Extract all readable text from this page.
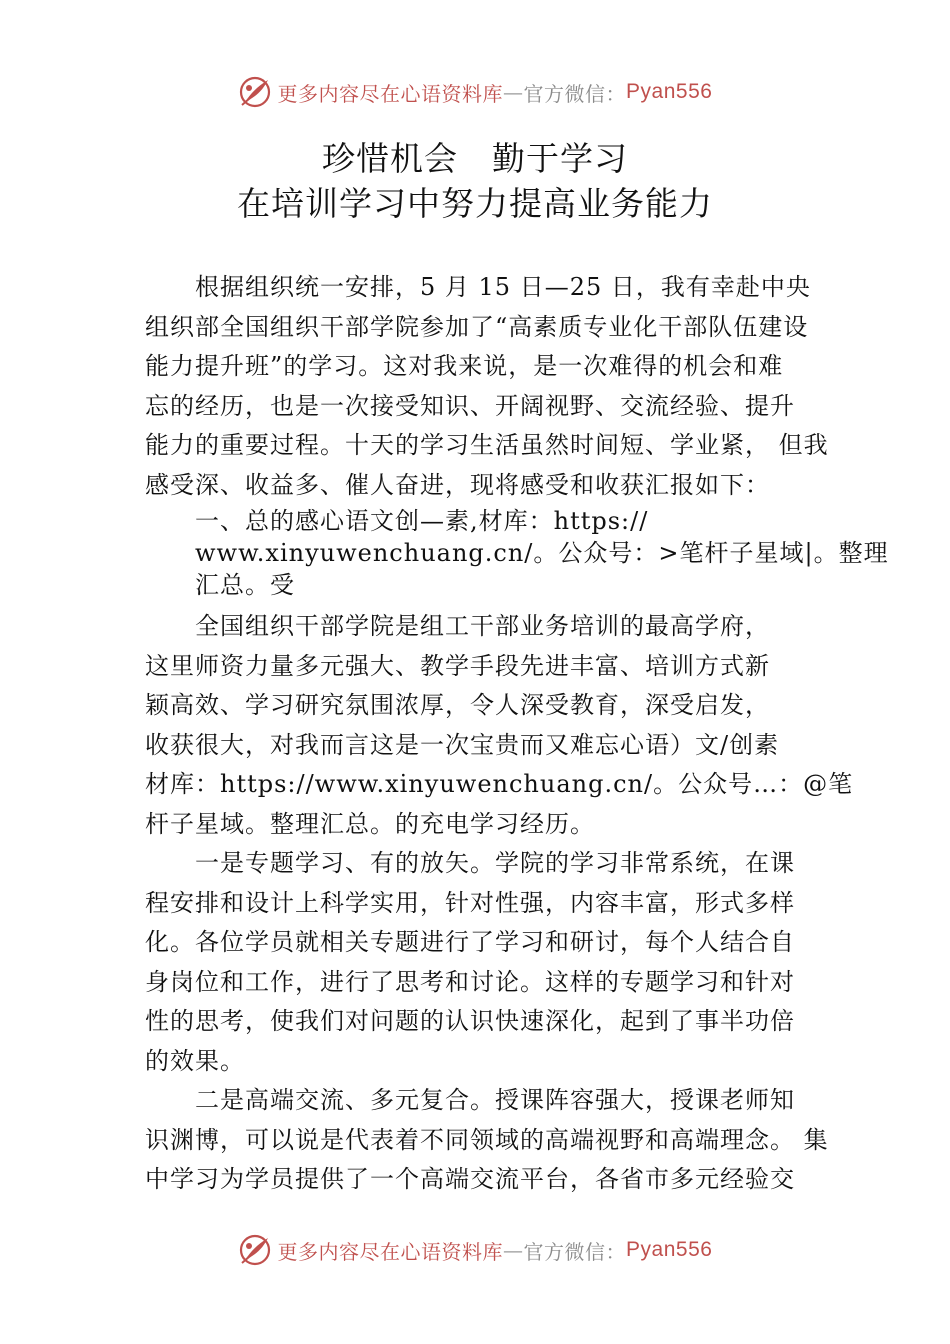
更多内容尽在心语资料库 — 官方微信： Pyan556
珍惜机会　勤于学习
在培训学习中努力提高业务能力
根据组织统一安排，5 月 15 日—25 日，我有幸赴中央
组织部全国组织干部学院参加了“高素质专业化干部队伍建设
能力提升班”的学习。这对我来说，是一次难得的机会和难
忘的经历，也是一次接受知识、开阔视野、交流经验、提升
能力的重要过程。十天的学习生活虽然时间短、学业紧， 但我
感受深、收益多、催人奋进，现将感受和收获汇报如下：
一、总的感心语文创—素,材库：https://
www.xinyuwenchuang.cn/。公众号：>笔杆子星域|。整理
汇总。受
全国组织干部学院是组工干部业务培训的最高学府，
这里师资力量多元强大、教学手段先进丰富、培训方式新
颖高效、学习研究氛围浓厚，令人深受教育，深受启发，
收获很大，对我而言这是一次宝贵而又难忘心语）文/创素
材库：https://www.xinyuwenchuang.cn/。公众号…：@笔
杆子星域。整理汇总。的充电学习经历。
一是专题学习、有的放矢。学院的学习非常系统，在课
程安排和设计上科学实用，针对性强，内容丰富，形式多样
化。各位学员就相关专题进行了学习和研讨，每个人结合自
身岗位和工作，进行了思考和讨论。这样的专题学习和针对
性的思考，使我们对问题的认识快速深化，起到了事半功倍
的效果。
二是高端交流、多元复合。授课阵容强大，授课老师知
识渊博，可以说是代表着不同领域的高端视野和高端理念。 集
中学习为学员提供了一个高端交流平台，各省市多元经验交
更多内容尽在心语资料库 — 官方微信： Pyan556
